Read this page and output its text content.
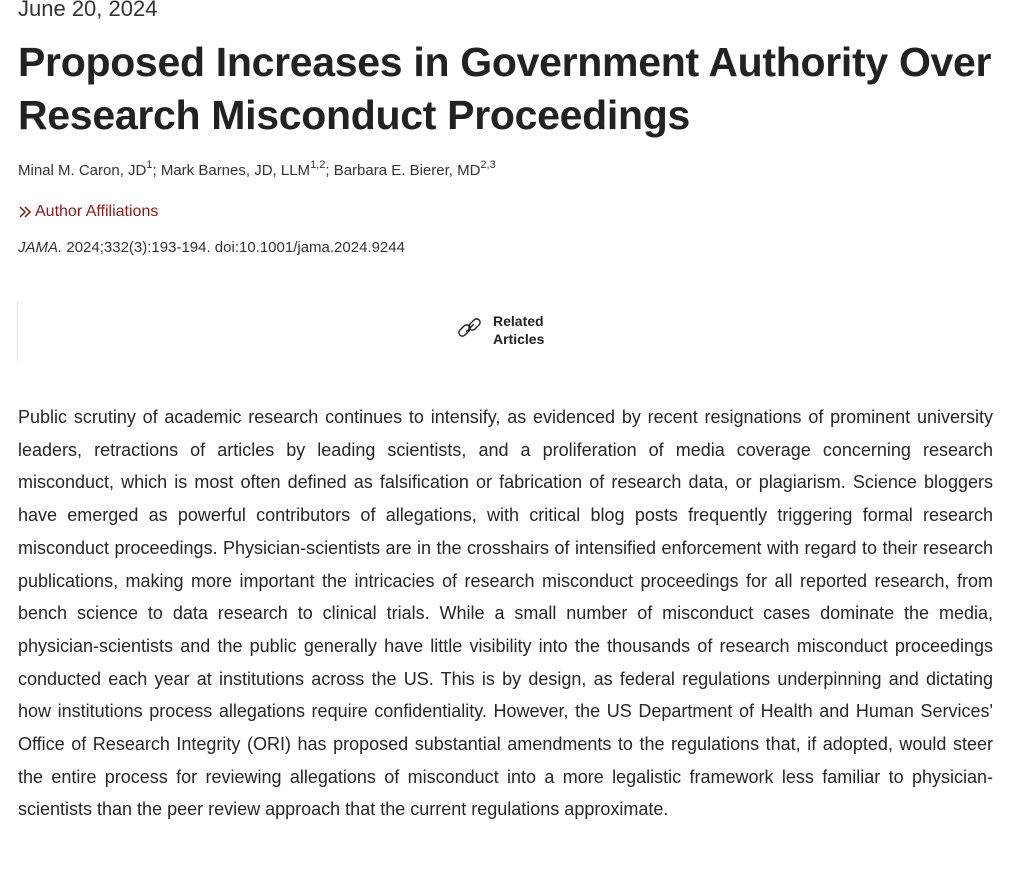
June 20, 2024

Proposed Increases in Government Authority Over Research Misconduct Proceedings
Minal M. Caron, $JD^1$; Mark Barnes, JD, LLM$^{1,2}$; Barbara E. Bierer, MD$^{2,3}$
Author Affiliations
JAMA. 2024;332(3):193-194. doi:10.1001/jama.2024.9244
Related
Articles

Public scrutiny of academic research continues to intensify, as evidenced by recent resignations of prominent university leaders, retractions of articles by leading scientists, and a proliferation of media coverage concerning research misconduct, which is most often defined as falsification or fabrication of research data, or plagiarism. Science bloggers have emerged as powerful contributors of allegations, with critical blog posts frequently triggering formal research misconduct proceedings. Physician-scientists are in the crosshairs of intensified enforcement with regard to their research publications, making more important the intricacies of research misconduct proceedings for all reported research, from bench science to data research to clinical trials. While a small number of misconduct cases dominate the media, physician-scientists and the public generally have little visibility into the thousands of research misconduct proceedings conducted each year at institutions across the US. This is by design, as federal regulations underpinning and dictating how institutions process allegations require confidentiality. However, the US Department of Health and Human Services' Office of Research Integrity (ORI) has proposed substantial amendments to the regulations that, if adopted, would steer the entire process for reviewing allegations of misconduct into a more legalistic framework less familiar to physician-scientists than the peer review approach that the current regulations approximate.
